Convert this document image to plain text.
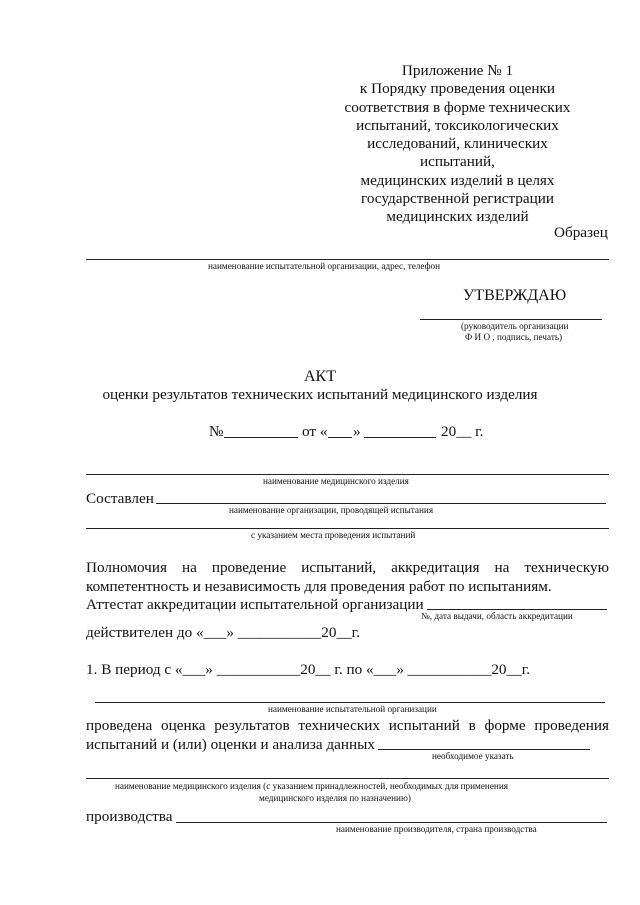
Приложение № 1
к Порядку проведения оценки
соответствия в форме технических
испытаний, токсикологических
исследований, клинических испытаний,
медицинских изделий в целях
государственной регистрации
медицинских изделий
Образец
наименование испытательной организации, адрес, телефон
УТВЕРЖДАЮ
(руководитель организации
Ф И О , подпись, печать)
АКТ
оценки результатов технических испытаний медицинского изделия
№	от « »	20__ г.
наименование медицинского изделия
Составлен
наименование организации, проводящей испытания
с указанием места проведения испытаний
Полномочия на проведение испытаний, аккредитация на техническую
компетентность и независимость для проведения работ по испытаниям.
Аттестат аккредитации испытательной организации
№, дата выдачи, область аккредитации
действителен до «___» ___________20__г.
1. В период с «___» ___________20__ г. по «___» ___________20__г.
наименование испытательной организации
проведена оценка результатов технических испытаний в форме проведения
испытаний и (или) оценки и анализа данных
необходимое указать
наименование медицинского изделия (с указанием принадлежностей, необходимых для применения
медицинского изделия по назначению)
производства
наименование производителя, страна производства
